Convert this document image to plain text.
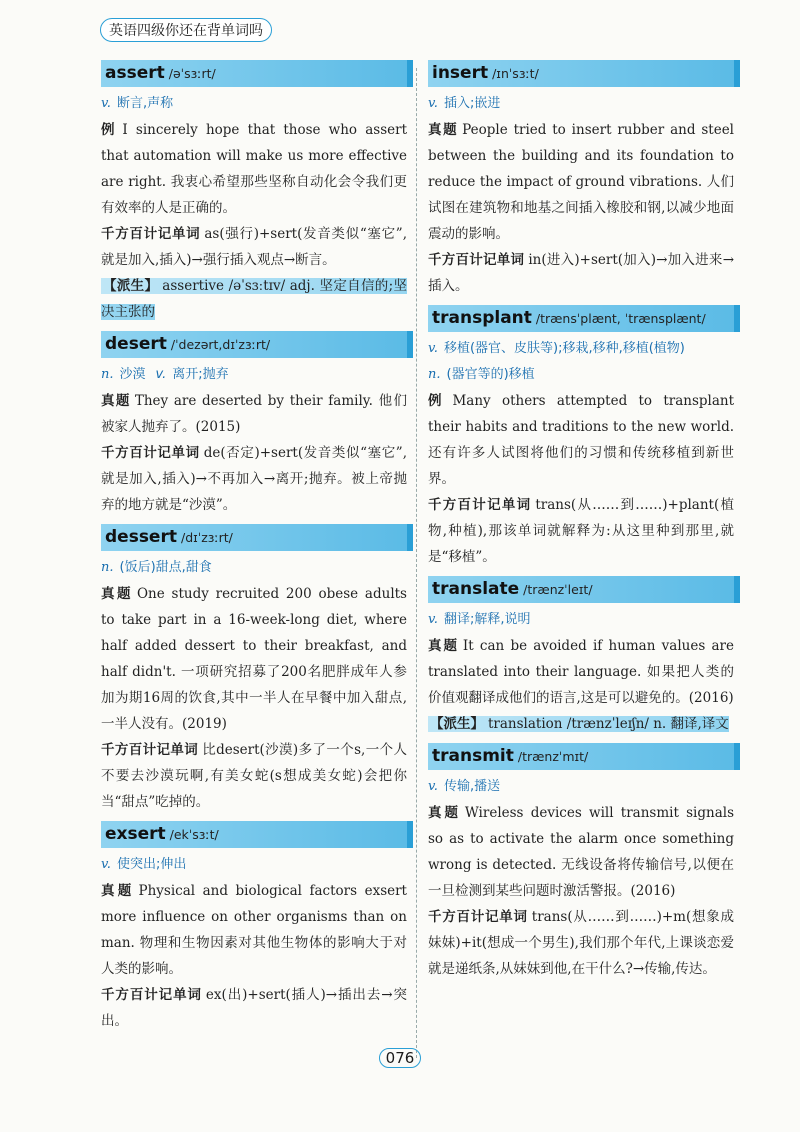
英语四级你还在背单词吗
assert /əˈsɜːrt/
v. 断言,声称
例 I sincerely hope that those who assert that automation will make us more effective are right. 我衷心希望那些坚称自动化会令我们更有效率的人是正确的。
千方百计记单词 as(强行)+sert(发音类似“塞它”,就是加入,插入)→强行插入观点→断言。
【派生】 assertive /əˈsɜːtɪv/ adj. 坚定自信的;坚决主张的
desert /ˈdezərt,dɪˈzɜːrt/
n. 沙漠 v. 离开;抛弃
真题 They are deserted by their family. 他们被家人抛弃了。(2015)
千方百计记单词 de(否定)+sert(发音类似“塞它”,就是加入,插入)→不再加入→离开;抛弃。被上帝抛弃的地方就是“沙漠”。
dessert /dɪˈzɜːrt/
n. (饭后)甜点,甜食
真题 One study recruited 200 obese adults to take part in a 16-week-long diet, where half added dessert to their breakfast, and half didn't. 一项研究招募了200名肥胖成年人参加为期16周的饮食,其中一半人在早餐中加入甜点,一半人没有。(2019)
千方百计记单词 比desert(沙漠)多了一个s,一个人不要去沙漠玩啊,有美女蛇(s想成美女蛇)会把你当“甜点”吃掉的。
exsert /ekˈsɜːt/
v. 使突出;伸出
真题 Physical and biological factors exsert more influence on other organisms than on man. 物理和生物因素对其他生物体的影响大于对人类的影响。
千方百计记单词 ex(出)+sert(插人)→插出去→突出。
insert /ɪnˈsɜːt/
v. 插入;嵌进
真题 People tried to insert rubber and steel between the building and its foundation to reduce the impact of ground vibrations. 人们试图在建筑物和地基之间插入橡胶和钢,以减少地面震动的影响。
千方百计记单词 in(进入)+sert(加入)→加入进来→插入。
transplant /trænsˈplænt, ˈtrænsplænt/
v. 移植(器官、皮肤等);移栽,移种,移植(植物)
n. (器官等的)移植
例 Many others attempted to transplant their habits and traditions to the new world. 还有许多人试图将他们的习惯和传统移植到新世界。
千方百计记单词 trans(从……到……)+plant(植物,种植),那该单词就解释为:从这里种到那里,就是“移植”。
translate /trænzˈleɪt/
v. 翻译;解释,说明
真题 It can be avoided if human values are translated into their language. 如果把人类的价值观翻译成他们的语言,这是可以避免的。(2016)
【派生】 translation /trænzˈleɪʃn/ n. 翻译,译文
transmit /trænzˈmɪt/
v. 传输,播送
真题 Wireless devices will transmit signals so as to activate the alarm once something wrong is detected. 无线设备将传输信号,以便在一旦检测到某些问题时激活警报。(2016)
千方百计记单词 trans(从……到……)+m(想象成妹妹)+it(想成一个男生),我们那个年代,上课谈恋爱就是递纸条,从妹妹到他,在干什么?→传输,传达。
076
